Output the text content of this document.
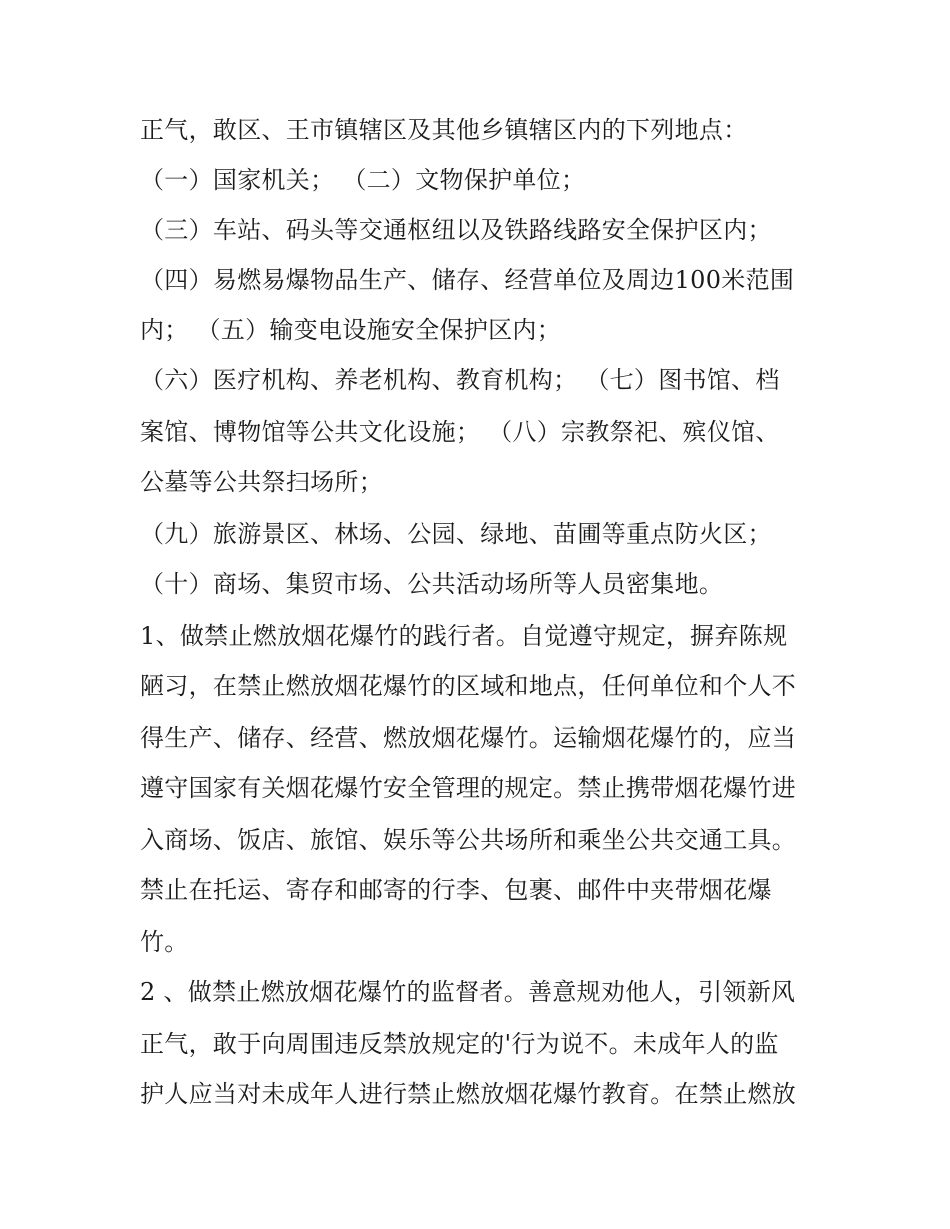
正气，敢区、王市镇辖区及其他乡镇辖区内的下列地点：
（一）国家机关； （二）文物保护单位；
（三）车站、码头等交通枢纽以及铁路线路安全保护区内；
（四）易燃易爆物品生产、储存、经营单位及周边100米范围
内； （五）输变电设施安全保护区内；
（六）医疗机构、养老机构、教育机构； （七）图书馆、档
案馆、博物馆等公共文化设施； （八）宗教祭祀、殡仪馆、
公墓等公共祭扫场所；
（九）旅游景区、林场、公园、绿地、苗圃等重点防火区；
（十）商场、集贸市场、公共活动场所等人员密集地。
1、做禁止燃放烟花爆竹的践行者。自觉遵守规定，摒弃陈规
陋习，在禁止燃放烟花爆竹的区域和地点，任何单位和个人不
得生产、储存、经营、燃放烟花爆竹。运输烟花爆竹的，应当
遵守国家有关烟花爆竹安全管理的规定。禁止携带烟花爆竹进
入商场、饭店、旅馆、娱乐等公共场所和乘坐公共交通工具。
禁止在托运、寄存和邮寄的行李、包裹、邮件中夹带烟花爆
竹。
2 、做禁止燃放烟花爆竹的监督者。善意规劝他人，引领新风
正气，敢于向周围违反禁放规定的'行为说不。未成年人的监
护人应当对未成年人进行禁止燃放烟花爆竹教育。在禁止燃放
